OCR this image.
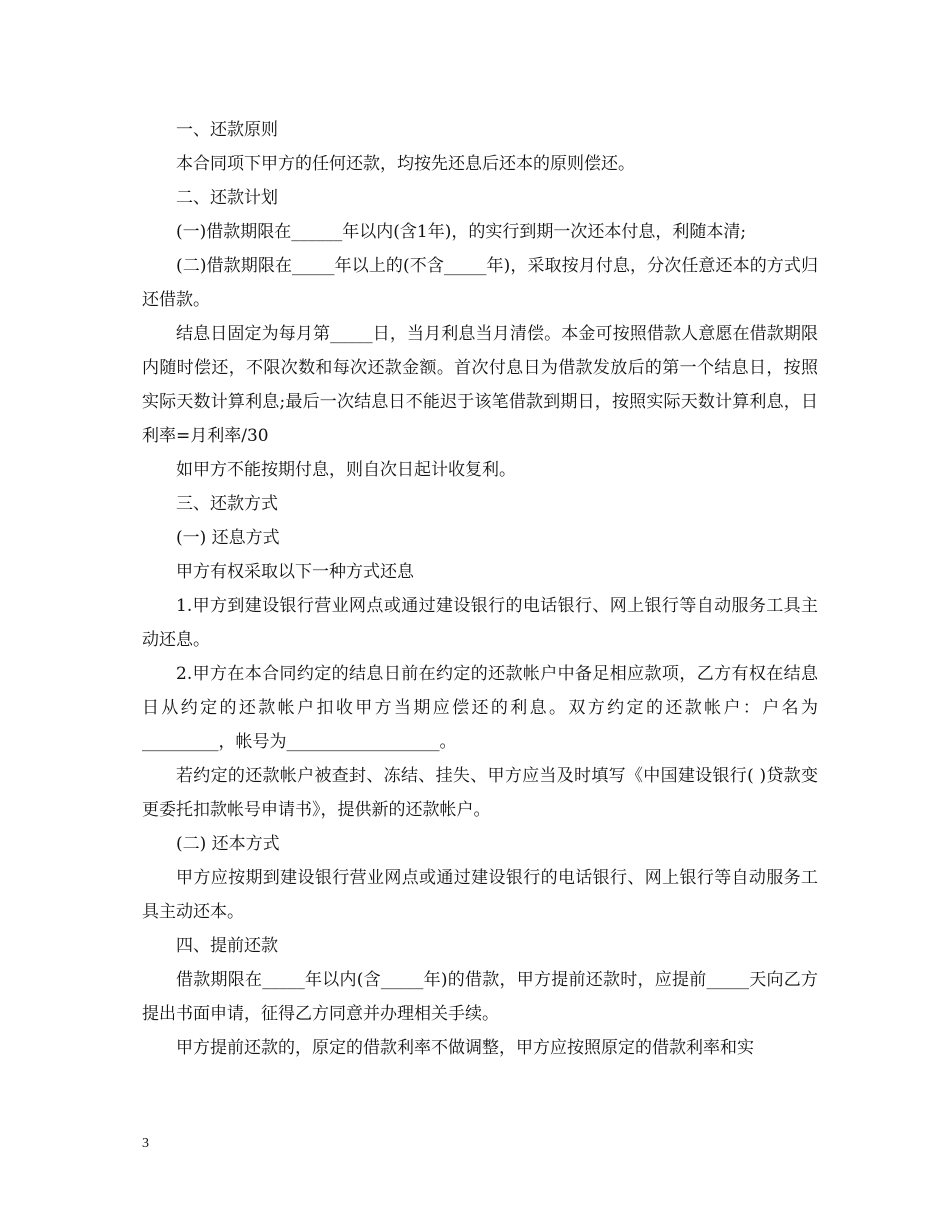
一、还款原则

本合同项下甲方的任何还款，均按先还息后还本的原则偿还。

二、还款计划

(一)借款期限在______年以内(含1年)，的实行到期一次还本付息，利随本清;

(二)借款期限在_____年以上的(不含_____年)，采取按月付息，分次任意还本的方式归还借款。

结息日固定为每月第_____日，当月利息当月清偿。本金可按照借款人意愿在借款期限内随时偿还，不限次数和每次还款金额。首次付息日为借款发放后的第一个结息日，按照实际天数计算利息;最后一次结息日不能迟于该笔借款到期日，按照实际天数计算利息，日利率=月利率/30

如甲方不能按期付息，则自次日起计收复利。

三、还款方式

(一) 还息方式

甲方有权采取以下一种方式还息

1.甲方到建设银行营业网点或通过建设银行的电话银行、网上银行等自动服务工具主动还息。

2.甲方在本合同约定的结息日前在约定的还款帐户中备足相应款项，乙方有权在结息日从约定的还款帐户扣收甲方当期应偿还的利息。双方约定的还款帐户：户名为_________，帐号为__________________。

若约定的还款帐户被查封、冻结、挂失、甲方应当及时填写《中国建设银行( )贷款变更委托扣款帐号申请书》，提供新的还款帐户。

(二) 还本方式

甲方应按期到建设银行营业网点或通过建设银行的电话银行、网上银行等自动服务工具主动还本。

四、提前还款

借款期限在_____年以内(含_____年)的借款，甲方提前还款时，应提前_____天向乙方提出书面申请，征得乙方同意并办理相关手续。

甲方提前还款的，原定的借款利率不做调整，甲方应按照原定的借款利率和实

3
